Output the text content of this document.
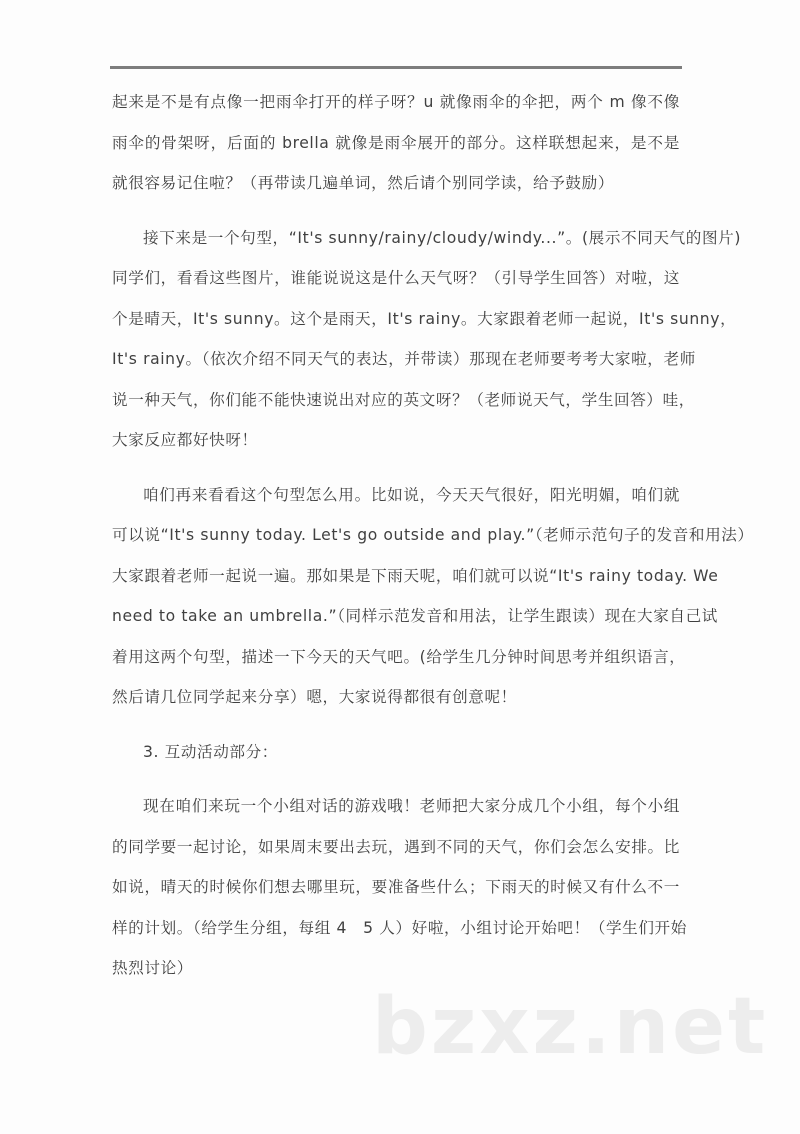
起来是不是有点像一把雨伞打开的样子呀？u 就像雨伞的伞把，两个 m 像不像
雨伞的骨架呀，后面的 brella 就像是雨伞展开的部分。这样联想起来，是不是
就很容易记住啦？（再带读几遍单词，然后请个别同学读，给予鼓励）
接下来是一个句型，“It's sunny/rainy/cloudy/windy...”。(展示不同天气的图片)
同学们，看看这些图片，谁能说说这是什么天气呀？（引导学生回答）对啦，这
个是晴天，It's sunny。这个是雨天，It's rainy。大家跟着老师一起说，It's sunny，
It's rainy。（依次介绍不同天气的表达，并带读）那现在老师要考考大家啦，老师
说一种天气，你们能不能快速说出对应的英文呀？（老师说天气，学生回答）哇，
大家反应都好快呀！
咱们再来看看这个句型怎么用。比如说，今天天气很好，阳光明媚，咱们就
可以说“It's sunny today. Let's go outside and play.”（老师示范句子的发音和用法）
大家跟着老师一起说一遍。那如果是下雨天呢，咱们就可以说“It's rainy today. We
need to take an umbrella.”（同样示范发音和用法，让学生跟读）现在大家自己试
着用这两个句型，描述一下今天的天气吧。(给学生几分钟时间思考并组织语言，
然后请几位同学起来分享）嗯，大家说得都很有创意呢！
3. 互动活动部分：
现在咱们来玩一个小组对话的游戏哦！老师把大家分成几个小组，每个小组
的同学要一起讨论，如果周末要出去玩，遇到不同的天气，你们会怎么安排。比
如说，晴天的时候你们想去哪里玩，要准备些什么；下雨天的时候又有什么不一
样的计划。（给学生分组，每组 4　5 人）好啦，小组讨论开始吧！（学生们开始
热烈讨论）
bzxz.net
